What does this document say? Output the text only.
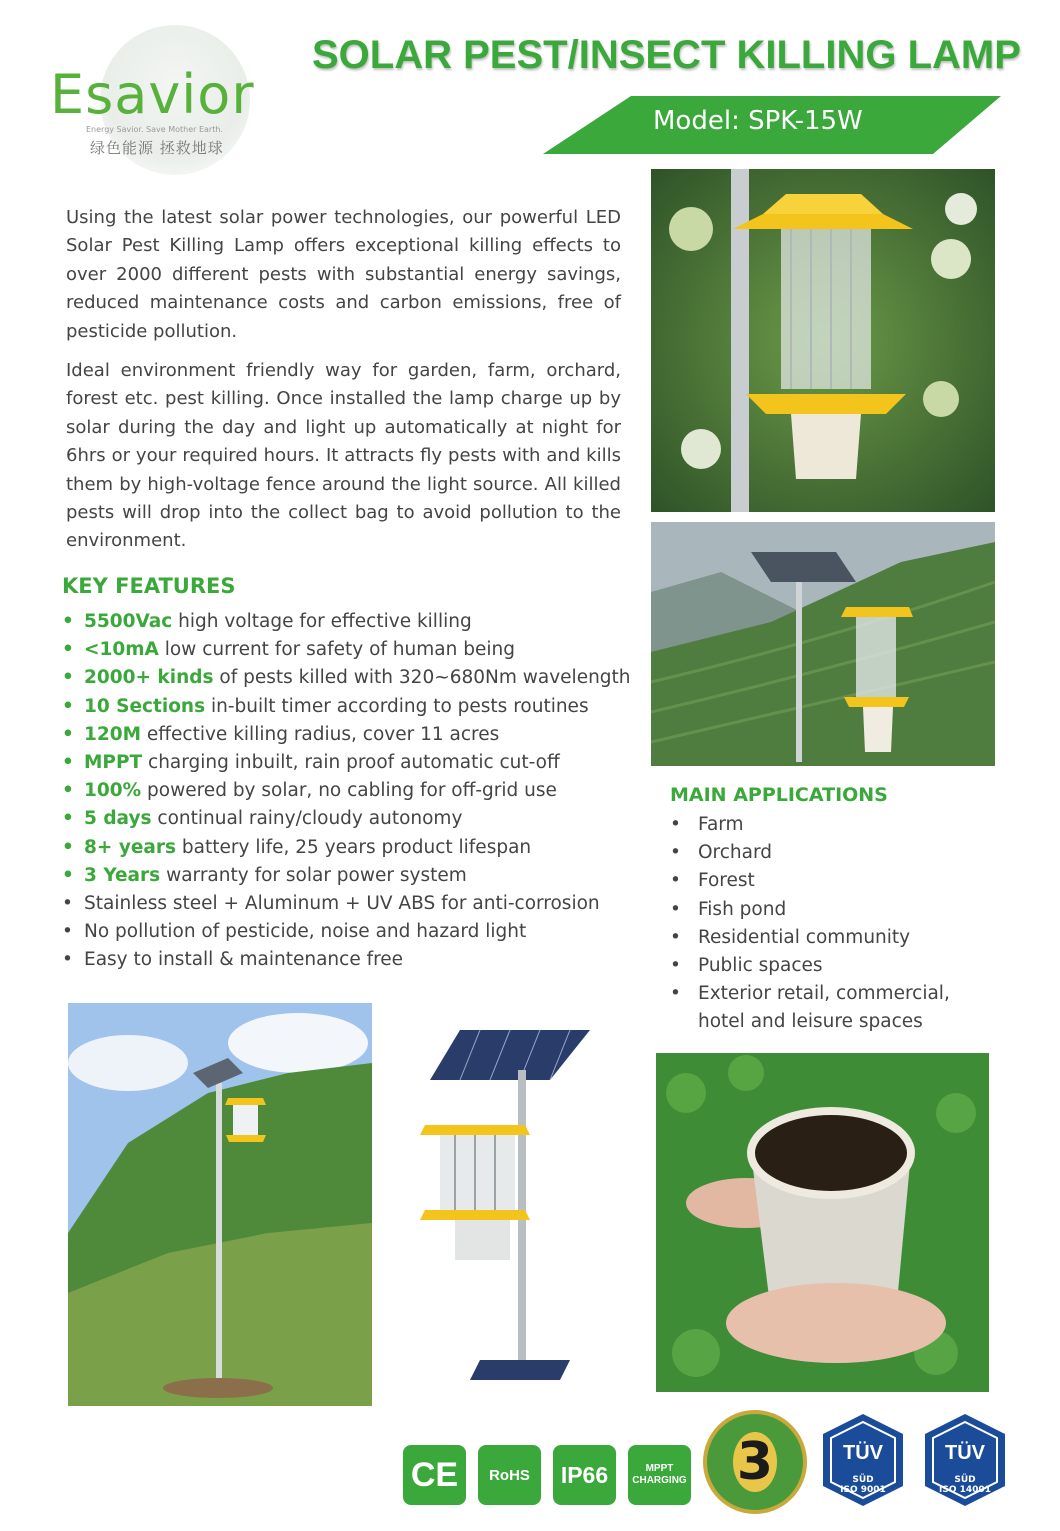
Esavior
Energy Savior. Save Mother Earth.
绿色能源 拯救地球
SOLAR PEST/INSECT KILLING LAMP
Model: SPK-15W
Using the latest solar power technologies, our powerful LED Solar Pest Killing Lamp offers exceptional killing effects to over 2000 different pests with substantial energy savings, reduced maintenance costs and carbon emissions, free of pesticide pollution.
Ideal environment friendly way for garden, farm, orchard, forest etc. pest killing. Once installed the lamp charge up by solar during the day and light up automatically at night for 6hrs or your required hours. It attracts fly pests with and kills them by high-voltage fence around the light source. All killed pests will drop into the collect bag to avoid pollution to the environment.
KEY FEATURES
• 5500Vac high voltage for effective killing
• <10mA low current for safety of human being
• 2000+ kinds of pests killed with 320~680Nm wavelength
• 10 Sections in-built timer according to pests routines
• 120M effective killing radius, cover 11 acres
• MPPT charging inbuilt, rain proof automatic cut-off
• 100% powered by solar, no cabling for off-grid use
• 5 days continual rainy/cloudy autonomy
• 8+ years battery life, 25 years product lifespan
• 3 Years warranty for solar power system
• Stainless steel + Aluminum + UV ABS for anti-corrosion
• No pollution of pesticide, noise and hazard light
• Easy to install & maintenance free
MAIN APPLICATIONS
• Farm
• Orchard
• Forest
• Fish pond
• Residential community
• Public spaces
• Exterior retail, commercial, hotel and leisure spaces
CE	RoHS	IP66	MPPT
CHARGING 3	TÜV
SÜD
ISO 9001
TÜV
SÜD
ISO 14001
